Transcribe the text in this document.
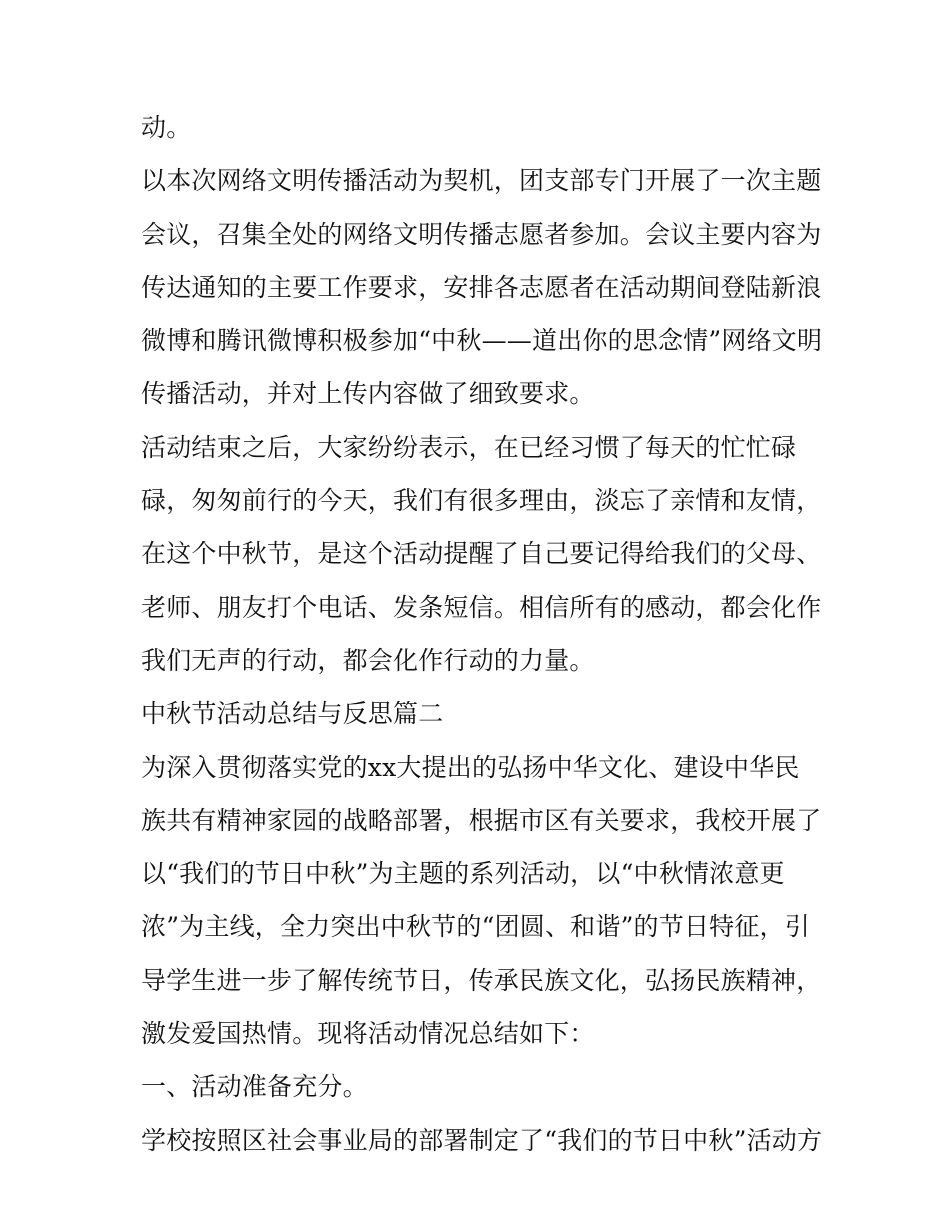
动。
以本次网络文明传播活动为契机，团支部专门开展了一次主题
会议，召集全处的网络文明传播志愿者参加。会议主要内容为
传达通知的主要工作要求，安排各志愿者在活动期间登陆新浪
微博和腾讯微博积极参加“中秋——道出你的思念情”网络文明
传播活动，并对上传内容做了细致要求。
活动结束之后，大家纷纷表示，在已经习惯了每天的忙忙碌
碌，匆匆前行的今天，我们有很多理由，淡忘了亲情和友情，
在这个中秋节，是这个活动提醒了自己要记得给我们的父母、
老师、朋友打个电话、发条短信。相信所有的感动，都会化作
我们无声的行动，都会化作行动的力量。
中秋节活动总结与反思篇二
为深入贯彻落实党的xx大提出的弘扬中华文化、建设中华民
族共有精神家园的战略部署，根据市区有关要求，我校开展了
以“我们的节日中秋”为主题的系列活动，以“中秋情浓意更
浓”为主线，全力突出中秋节的“团圆、和谐”的节日特征，引
导学生进一步了解传统节日，传承民族文化，弘扬民族精神，
激发爱国热情。现将活动情况总结如下：
一、活动准备充分。
学校按照区社会事业局的部署制定了“我们的节日中秋”活动方
